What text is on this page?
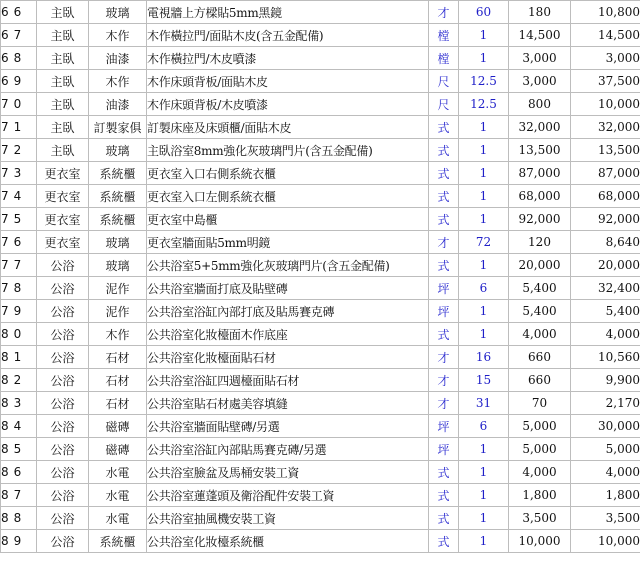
66	主臥	玻璃	電視牆上方樑貼5mm黑鏡	才	60	180	10,800
67	主臥	木作	木作橫拉門/面貼木皮(含五金配備)	樘	1	14,500	14,500
68	主臥	油漆	木作橫拉門/木皮噴漆	樘	1	3,000	3,000
69	主臥	木作	木作床頭背板/面貼木皮	尺	12.5	3,000	37,500
70	主臥	油漆	木作床頭背板/木皮噴漆	尺	12.5	800	10,000
71	主臥	訂製家俱	訂製床座及床頭櫃/面貼木皮	式	1	32,000	32,000
72	主臥	玻璃	主臥浴室8mm強化灰玻璃門片(含五金配備)	式	1	13,500	13,500
73	更衣室	系統櫃	更衣室入口右側系統衣櫃	式	1	87,000	87,000
74	更衣室	系統櫃	更衣室入口左側系統衣櫃	式	1	68,000	68,000
75	更衣室	系統櫃	更衣室中島櫃	式	1	92,000	92,000
76	更衣室	玻璃	更衣室牆面貼5mm明鏡	才	72	120	8,640
77	公浴	玻璃	公共浴室5+5mm強化灰玻璃門片(含五金配備)	式	1	20,000	20,000
78	公浴	泥作	公共浴室牆面打底及貼壁磚	坪	6	5,400	32,400
79	公浴	泥作	公共浴室浴缸內部打底及貼馬賽克磚	坪	1	5,400	5,400
80	公浴	木作	公共浴室化妝檯面木作底座	式	1	4,000	4,000
81	公浴	石材	公共浴室化妝檯面貼石材	才	16	660	10,560
82	公浴	石材	公共浴室浴缸四週檯面貼石材	才	15	660	9,900
83	公浴	石材	公共浴室貼石材處美容填縫	才	31	70	2,170
84	公浴	磁磚	公共浴室牆面貼壁磚/另選	坪	6	5,000	30,000
85	公浴	磁磚	公共浴室浴缸內部貼馬賽克磚/另選	坪	1	5,000	5,000
86	公浴	水電	公共浴室臉盆及馬桶安裝工資	式	1	4,000	4,000
87	公浴	水電	公共浴室蓮蓬頭及衛浴配件安裝工資	式	1	1,800	1,800
88	公浴	水電	公共浴室抽風機安裝工資	式	1	3,500	3,500
89	公浴	系統櫃	公共浴室化妝檯系統櫃	式	1	10,000	10,000
